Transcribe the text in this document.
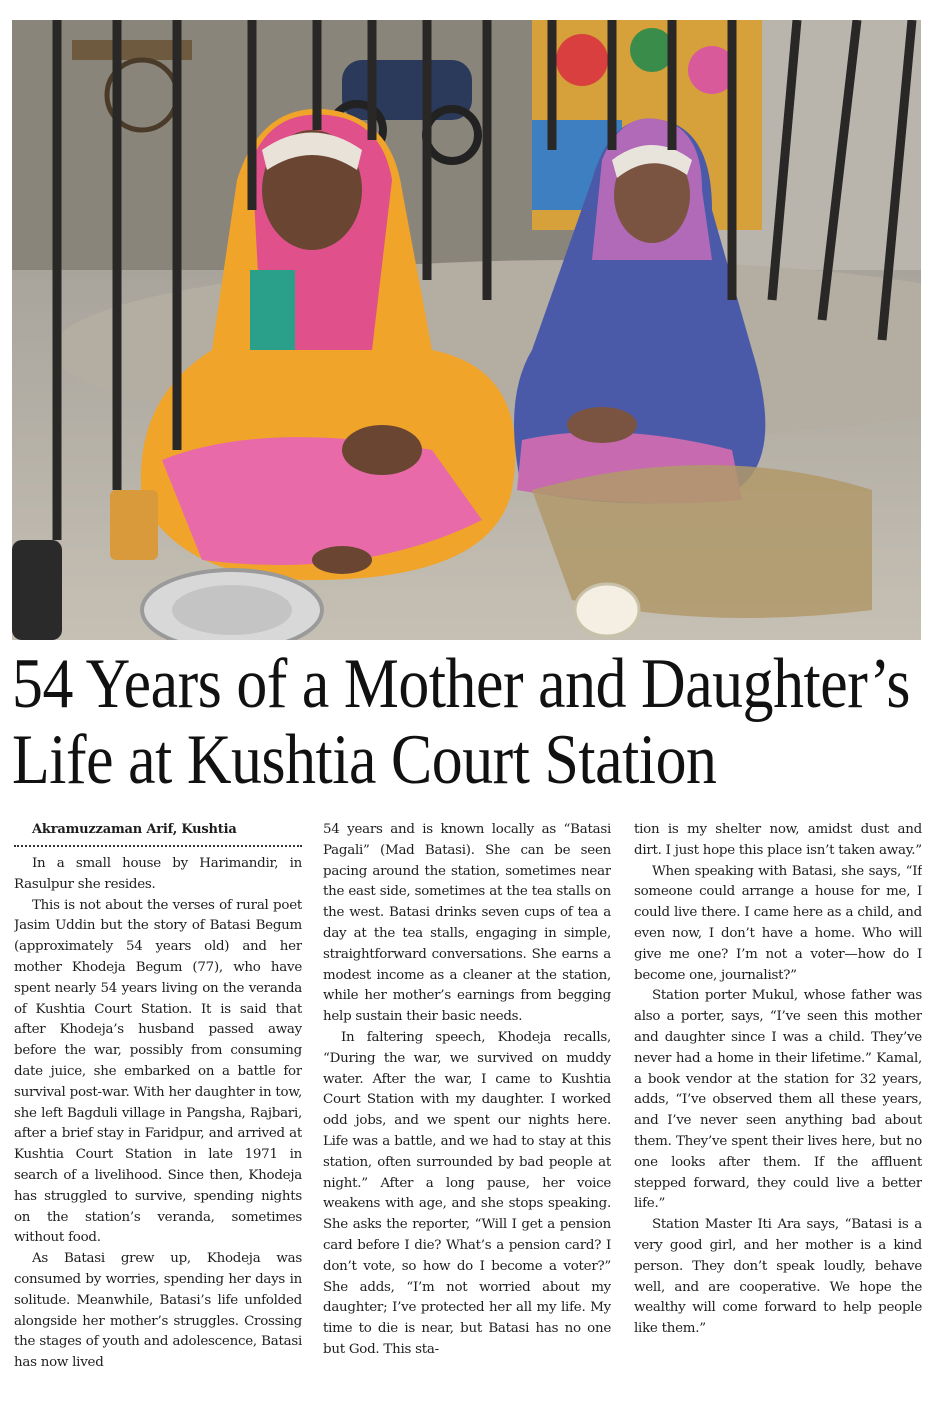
54 Years of a Mother and Daughter’s
Life at Kushtia Court Station

Akramuzzaman Arif, Kushtia

In a small house by Harimandir, in Rasulpur she resides.

This is not about the verses of rural poet Jasim Uddin but the story of Batasi Begum (approximately 54 years old) and her mother Khodeja Begum (77), who have spent nearly 54 years living on the veranda of Kushtia Court Station. It is said that after Khodeja’s husband passed away before the war, possibly from consuming date juice, she embarked on a battle for survival post-war. With her daughter in tow, she left Bagduli village in Pangsha, Rajbari, after a brief stay in Faridpur, and arrived at Kushtia Court Station in late 1971 in search of a livelihood. Since then, Khodeja has struggled to survive, spending nights on the station’s veranda, sometimes without food.

As Batasi grew up, Khodeja was consumed by worries, spending her days in solitude. Meanwhile, Batasi’s life unfolded alongside her mother’s struggles. Crossing the stages of youth and adolescence, Batasi has now lived

54 years and is known locally as “Batasi Pagali” (Mad Batasi). She can be seen pacing around the station, sometimes near the east side, sometimes at the tea stalls on the west. Batasi drinks seven cups of tea a day at the tea stalls, engaging in simple, straightforward conversations. She earns a modest income as a cleaner at the station, while her mother’s earnings from begging help sustain their basic needs.

In faltering speech, Khodeja recalls, “During the war, we survived on muddy water. After the war, I came to Kushtia Court Station with my daughter. I worked odd jobs, and we spent our nights here. Life was a battle, and we had to stay at this station, often surrounded by bad people at night.” After a long pause, her voice weakens with age, and she stops speaking. She asks the reporter, “Will I get a pension card before I die? What’s a pension card? I don’t vote, so how do I become a voter?” She adds, “I’m not worried about my daughter; I’ve protected her all my life. My time to die is near, but Batasi has no one but God. This sta-

tion is my shelter now, amidst dust and dirt. I just hope this place isn’t taken away.”

When speaking with Batasi, she says, “If someone could arrange a house for me, I could live there. I came here as a child, and even now, I don’t have a home. Who will give me one? I’m not a voter—how do I become one, journalist?”

Station porter Mukul, whose father was also a porter, says, “I’ve seen this mother and daughter since I was a child. They’ve never had a home in their lifetime.” Kamal, a book vendor at the station for 32 years, adds, “I’ve observed them all these years, and I’ve never seen anything bad about them. They’ve spent their lives here, but no one looks after them. If the affluent stepped forward, they could live a better life.”

Station Master Iti Ara says, “Batasi is a very good girl, and her mother is a kind person. They don’t speak loudly, behave well, and are cooperative. We hope the wealthy will come forward to help people like them.”
